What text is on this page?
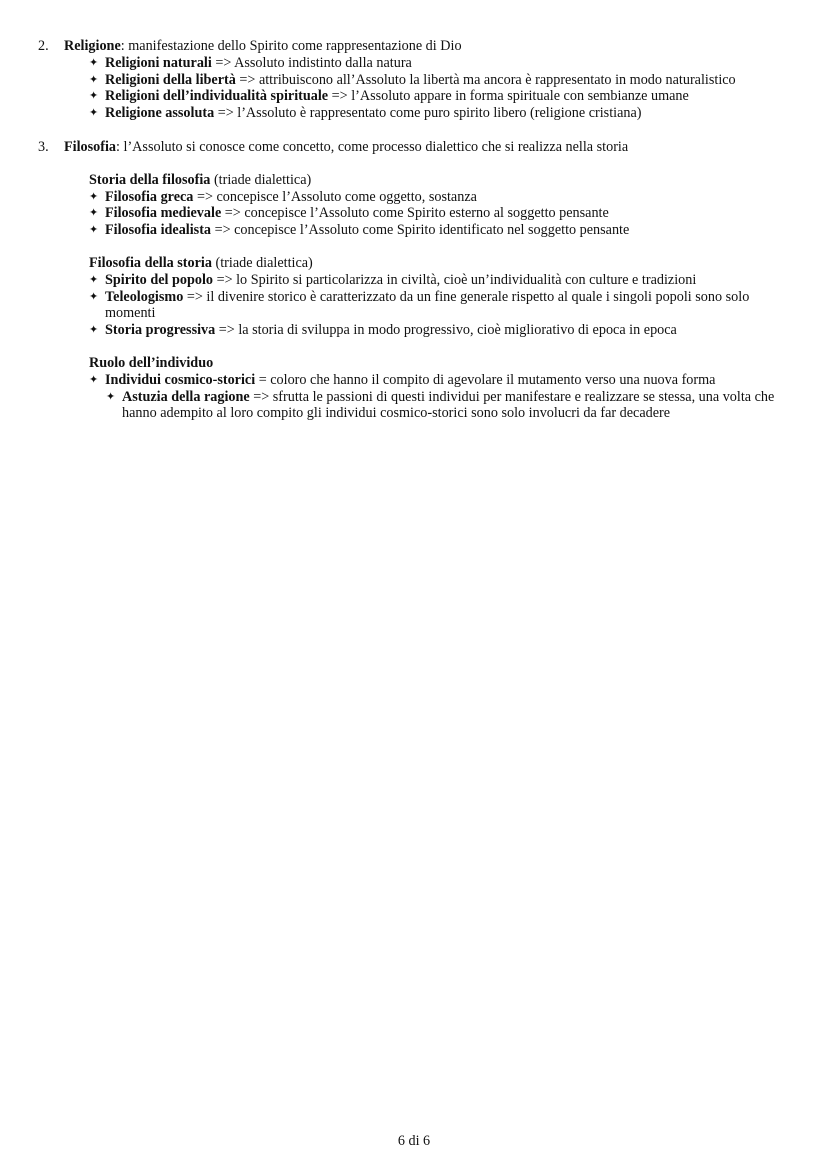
2.	Religione: manifestazione dello Spirito come rappresentazione di Dio
✦ Religioni naturali => Assoluto indistinto dalla natura
✦ Religioni della libertà => attribuiscono all’Assoluto la libertà ma ancora è rappresentato in modo naturalistico
✦ Religioni dell’individualità spirituale => l’Assoluto appare in forma spirituale con sembianze umane
✦ Religione assoluta => l’Assoluto è rappresentato come puro spirito libero (religione cristiana)
3.	Filosofia: l’Assoluto si conosce come concetto, come processo dialettico che si realizza nella storia
Storia della filosofia (triade dialettica)
✦ Filosofia greca => concepisce l’Assoluto come oggetto, sostanza
✦ Filosofia medievale => concepisce l’Assoluto come Spirito esterno al soggetto pensante
✦ Filosofia idealista => concepisce l’Assoluto come Spirito identificato nel soggetto pensante
Filosofia della storia (triade dialettica)
✦ Spirito del popolo => lo Spirito si particolarizza in civiltà, cioè un’individualità con culture e tradizioni
✦ Teleologismo => il divenire storico è caratterizzato da un fine generale rispetto al quale i singoli popoli sono solo momenti
✦ Storia progressiva => la storia di sviluppa in modo progressivo, cioè migliorativo di epoca in epoca
Ruolo dell’individuo
✦ Individui cosmico-storici = coloro che hanno il compito di agevolare il mutamento verso una nuova forma
✦ Astuzia della ragione => sfrutta le passioni di questi individui per manifestare e realizzare se stessa, una volta che hanno adempito al loro compito gli individui cosmico-storici sono solo involucri da far decadere
6 di 6
